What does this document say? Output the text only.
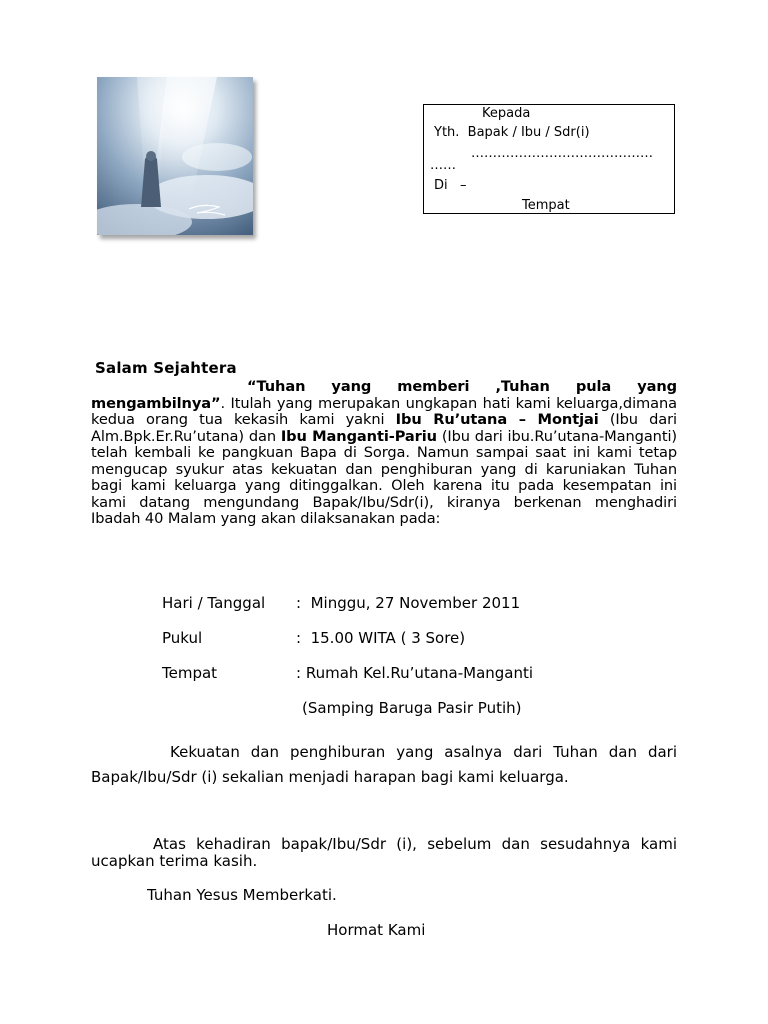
Kepada
Yth.  Bapak / Ibu / Sdr(i)
……………………………………
……
Di   –
Tempat
Salam Sejahtera
“Tuhan yang memberi ,Tuhan pula yang mengambilnya”. Itulah yang merupakan ungkapan hati kami keluarga,dimana kedua orang tua kekasih kami yakni Ibu Ru’utana – Montjai (Ibu dari Alm.Bpk.Er.Ru’utana) dan Ibu Manganti-Pariu (Ibu dari ibu.Ru’utana-Manganti) telah kembali ke pangkuan Bapa di Sorga. Namun sampai saat ini kami tetap mengucap syukur atas kekuatan dan penghiburan yang di karuniakan Tuhan bagi kami keluarga yang ditinggalkan. Oleh karena itu pada kesempatan ini kami datang mengundang Bapak/Ibu/Sdr(i), kiranya berkenan menghadiri Ibadah 40 Malam yang akan dilaksanakan pada:
Hari / Tanggal :  Minggu, 27 November 2011
Pukul	:  15.00 WITA ( 3 Sore)
Tempat	: Rumah Kel.Ru’utana-Manganti
(Samping Baruga Pasir Putih)
Kekuatan dan penghiburan yang asalnya dari Tuhan dan dari Bapak/Ibu/Sdr (i) sekalian menjadi harapan bagi kami keluarga.
Atas kehadiran bapak/Ibu/Sdr (i), sebelum dan sesudahnya kami ucapkan terima kasih.
Tuhan Yesus Memberkati.
Hormat Kami
